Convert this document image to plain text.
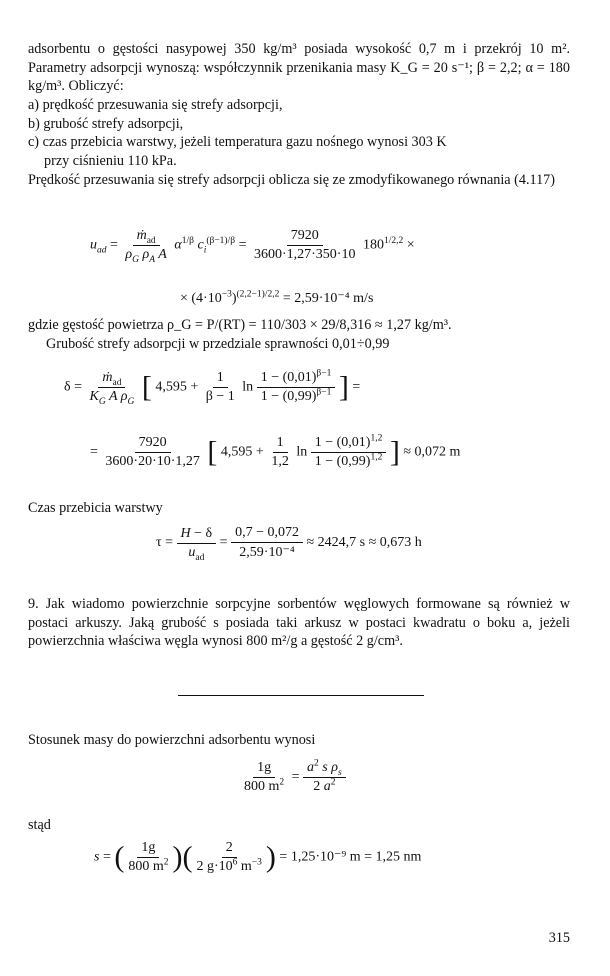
adsorbentu o gęstości nasypowej 350 kg/m³ posiada wysokość 0,7 m i przekrój 10 m². Parametry adsorpcji wynoszą: współczynnik przenikania masy K_G = 20 s⁻¹; β = 2,2; α = 180 kg/m³. Obliczyć:
a) prędkość przesuwania się strefy adsorpcji,
b) grubość strefy adsorpcji,
c) czas przebicia warstwy, jeżeli temperatura gazu nośnego wynosi 303 K
przy ciśnieniu 110 kPa.
Prędkość przesuwania się strefy adsorpcji oblicza się ze zmodyfikowanego równania (4.117)
$u_{ad} = \frac{ṁ_{ad}}{\rho_G \rho_A A} \alpha^{1/\beta}$ $c_i^{(\beta-1)/\beta} = \frac{7920}{3600\cdot 1,27\cdot 350\cdot 10} 180^{1/2,2}$ ×
× $(4\cdot 10^{-3})^{(2,2-1)/2,2} = 2,59\cdot 10^{-4}$ m/s
gdzie gęstość powietrza ρ_G = P/(RT) = 110/303 × 29/8,316 ≈ 1,27 kg/m³.
Grubość strefy adsorpcji w przedziale sprawności 0,01÷0,99
$\delta = \frac{ṁ_{ad}}{K_G A \rho_G}$ [ $4,595 + \frac{1}{\beta - 1}$ $\ln \frac{1 - (0,01)^{\beta-1}}{1 - (0,99)^{\beta-1}}$ ] =
= $\frac{7920}{3600\cdot 20\cdot 10\cdot 1,27}$ [ $4,595 + \frac{1}{1,2}$ $\ln \frac{1 - (0,01)^{1,2}}{1 - (0,99)^{1,2}}$ ] ≈ 0,072 m
Czas przebicia warstwy
$\tau = \frac{H - \delta}{u_{ad}} = \frac{0,7 - 0,072}{\text{2,59·10⁻⁴}} \approx 2424,7$ s ≈ 0,673 h
9. Jak wiadomo powierzchnie sorpcyjne sorbentów węglowych formowane są również w postaci arkuszy. Jaką grubość s posiada taki arkusz w postaci kwadratu o boku a, jeżeli powierzchnia właściwa węgla wynosi 800 m²/g a gęstość 2 g/cm³.
Stosunek masy do powierzchni adsorbentu wynosi
$\frac{1g}{800 m^2} = \frac{a^2 s \rho_s}{2 a^2}$
stąd
s = ( $\frac{1g}{800 m^2}$ )( $\frac{2}{2 g\cdot 10^6 m^{-3}}$ ) = 1,25·10⁻⁹ m = 1,25 nm
315
